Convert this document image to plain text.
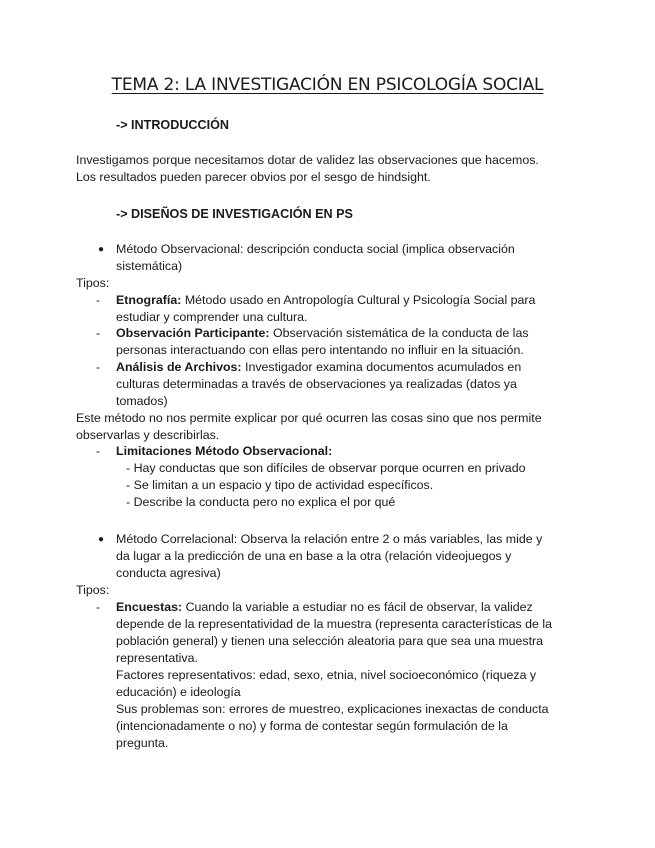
TEMA 2: LA INVESTIGACIÓN EN PSICOLOGÍA SOCIAL
-> INTRODUCCIÓN
Investigamos porque necesitamos dotar de validez las observaciones que hacemos.
Los resultados pueden parecer obvios por el sesgo de hindsight.
-> DISEÑOS DE INVESTIGACIÓN EN PS
● Método Observacional: descripción conducta social (implica observación
sistemática)
Tipos:
- Etnografía: Método usado en Antropología Cultural y Psicología Social para
estudiar y comprender una cultura.
- Observación Participante: Observación sistemática de la conducta de las
personas interactuando con ellas pero intentando no influir en la situación.
- Análisis de Archivos: Investigador examina documentos acumulados en
culturas determinadas a través de observaciones ya realizadas (datos ya
tomados)
Este método no nos permite explicar por qué ocurren las cosas sino que nos permite
observarlas y describirlas.
- Limitaciones Método Observacional:
- Hay conductas que son difíciles de observar porque ocurren en privado
- Se limitan a un espacio y tipo de actividad específicos.
- Describe la conducta pero no explica el por qué
● Método Correlacional: Observa la relación entre 2 o más variables, las mide y
da lugar a la predicción de una en base a la otra (relación videojuegos y
conducta agresiva)
Tipos:
- Encuestas: Cuando la variable a estudiar no es fácil de observar, la validez
depende de la representatividad de la muestra (representa características de la
población general) y tienen una selección aleatoria para que sea una muestra
representativa.
Factores representativos: edad, sexo, etnia, nivel socioeconómico (riqueza y
educación) e ideología
Sus problemas son: errores de muestreo, explicaciones inexactas de conducta
(intencionadamente o no) y forma de contestar según formulación de la
pregunta.
